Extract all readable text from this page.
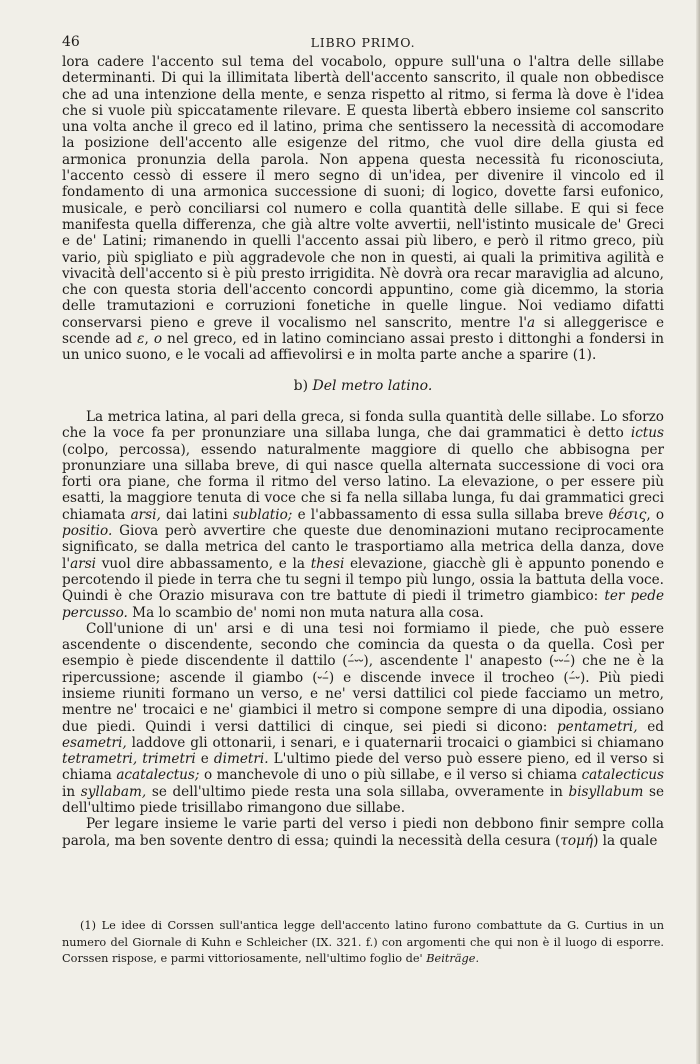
46	LIBRO PRIMO.

lora cadere l'accento sul tema del vocabolo, oppure sull'una o l'altra delle sillabe determinanti. Di qui la illimitata libertà dell'accento sanscrito, il quale non obbedisce che ad una intenzione della mente, e senza rispetto al ritmo, si ferma là dove è l'idea che si vuole più spiccatamente rilevare. E questa libertà ebbero insieme col sanscrito una volta anche il greco ed il latino, prima che sentissero la necessità di accomodare la posizione dell'accento alle esigenze del ritmo, che vuol dire della giusta ed armonica pronunzia della parola. Non appena questa necessità fu riconosciuta, l'accento cessò di essere il mero segno di un'idea, per divenire il vincolo ed il fondamento di una armonica successione di suoni; di logico, dovette farsi eufonico, musicale, e però conciliarsi col numero e colla quantità delle sillabe. E qui si fece manifesta quella differenza, che già altre volte avvertii, nell'istinto musicale de' Greci e de' Latini; rimanendo in quelli l'accento assai più libero, e però il ritmo greco, più vario, più spigliato e più aggradevole che non in questi, ai quali la primitiva agilità e vivacità dell'accento si è più presto irrigidita. Nè dovrà ora recar maraviglia ad alcuno, che con questa storia dell'accento concordi appuntino, come già dicemmo, la storia delle tramutazioni e corruzioni fonetiche in quelle lingue. Noi vediamo difatti conservarsi pieno e greve il vocalismo nel sanscrito, mentre l'a si alleggerisce e scende ad ε, ο nel greco, ed in latino cominciano assai presto i dittonghi a fondersi in un unico suono, e le vocali ad affievolirsi e in molta parte anche a sparire (1).

b) Del metro latino.

La metrica latina, al pari della greca, si fonda sulla quantità delle sillabe. Lo sforzo che la voce fa per pronunziare una sillaba lunga, che dai grammatici è detto ictus (colpo, percossa), essendo naturalmente maggiore di quello che abbisogna per pronunziare una sillaba breve, di qui nasce quella alternata successione di voci ora forti ora piane, che forma il ritmo del verso latino. La elevazione, o per essere più esatti, la maggiore tenuta di voce che si fa nella sillaba lunga, fu dai grammatici greci chiamata arsi, dai latini sublatio; e l'abbassamento di essa sulla sillaba breve θέσις, o positio. Giova però avvertire che queste due denominazioni mutano reciprocamente significato, se dalla metrica del canto le trasportiamo alla metrica della danza, dove l'arsi vuol dire abbassamento, e la thesi elevazione, giacchè gli è appunto ponendo e percotendo il piede in terra che tu segni il tempo più lungo, ossia la battuta della voce. Quindi è che Orazio misurava con tre battute di piedi il trimetro giambico: ter pede percusso. Ma lo scambio de' nomi non muta natura alla cosa.

Coll'unione di un' arsi e di una tesi noi formiamo il piede, che può essere ascendente o discendente, secondo che comincia da questa o da quella. Così per esempio è piede discendente il dattilo (–́⏑⏑), ascendente l' anapesto (⏑⏑–́) che ne è la ripercussione; ascende il giambo (⏑–́) e discende invece il trocheo (–́⏑). Più piedi insieme riuniti formano un verso, e ne' versi dattilici col piede facciamo un metro, mentre ne' trocaici e ne' giambici il metro si compone sempre di una dipodia, ossiano due piedi. Quindi i versi dattilici di cinque, sei piedi si dicono: pentametri, ed esametri, laddove gli ottonarii, i senari, e i quaternarii trocaici o giambici si chiamano tetrametri, trimetri e dimetri. L'ultimo piede del verso può essere pieno, ed il verso si chiama acatalectus; o manchevole di uno o più sillabe, e il verso si chiama catalecticus in syllabam, se dell'ultimo piede resta una sola sillaba, ovveramente in bisyllabum se dell'ultimo piede trisillabo rimangono due sillabe.

Per legare insieme le varie parti del verso i piedi non debbono finir sempre colla parola, ma ben sovente dentro di essa; quindi la necessità della cesura (τομή) la quale

(1) Le idee di Corssen sull'antica legge dell'accento latino furono combattute da G. Curtius in un numero del Giornale di Kuhn e Schleicher (IX. 321. f.) con argomenti che qui non è il luogo di esporre. Corssen rispose, e parmi vittoriosamente, nell'ultimo foglio de' Beiträge.
